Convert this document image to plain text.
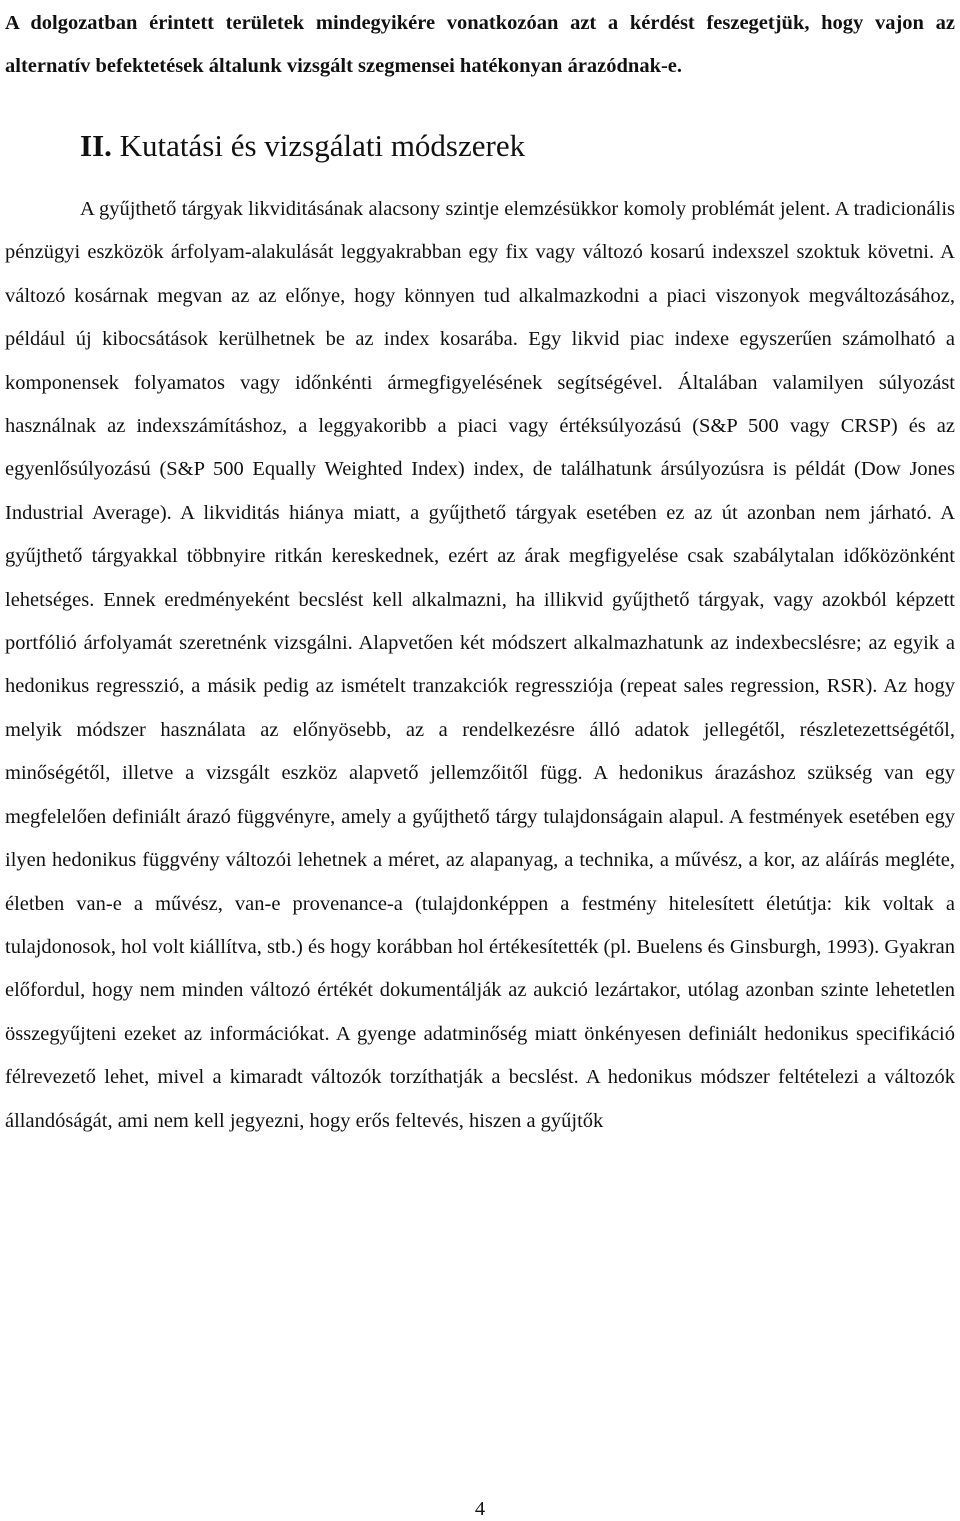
A dolgozatban érintett területek mindegyikére vonatkozóan azt a kérdést feszegetjük, hogy vajon az alternatív befektetések általunk vizsgált szegmensei hatékonyan árazódnak-e.

II. Kutatási és vizsgálati módszerek

A gyűjthető tárgyak likviditásának alacsony szintje elemzésükkor komoly problémát jelent. A tradicionális pénzügyi eszközök árfolyam-alakulását leggyakrabban egy fix vagy változó kosarú indexszel szoktuk követni. A változó kosárnak megvan az az előnye, hogy könnyen tud alkalmazkodni a piaci viszonyok megváltozásához, például új kibocsátások kerülhetnek be az index kosarába. Egy likvid piac indexe egyszerűen számolható a komponensek folyamatos vagy időnkénti ármegfigyelésének segítségével. Általában valamilyen súlyozást használnak az indexszámításhoz, a leggyakoribb a piaci vagy értéksúlyozású (S&P 500 vagy CRSP) és az egyenlősúlyozású (S&P 500 Equally Weighted Index) index, de találhatunk ársúlyozúsra is példát (Dow Jones Industrial Average). A likviditás hiánya miatt, a gyűjthető tárgyak esetében ez az út azonban nem járható. A gyűjthető tárgyakkal többnyire ritkán kereskednek, ezért az árak megfigyelése csak szabálytalan időközönként lehetséges. Ennek eredményeként becslést kell alkalmazni, ha illikvid gyűjthető tárgyak, vagy azokból képzett portfólió árfolyamát szeretnénk vizsgálni. Alapvetően két módszert alkalmazhatunk az indexbecslésre; az egyik a hedonikus regresszió, a másik pedig az ismételt tranzakciók regressziója (repeat sales regression, RSR). Az hogy melyik módszer használata az előnyösebb, az a rendelkezésre álló adatok jellegétől, részletezettségétől, minőségétől, illetve a vizsgált eszköz alapvető jellemzőitől függ. A hedonikus árazáshoz szükség van egy megfelelően definiált árazó függvényre, amely a gyűjthető tárgy tulajdonságain alapul. A festmények esetében egy ilyen hedonikus függvény változói lehetnek a méret, az alapanyag, a technika, a művész, a kor, az aláírás megléte, életben van-e a művész, van-e provenance-a (tulajdonképpen a festmény hitelesített életútja: kik voltak a tulajdonosok, hol volt kiállítva, stb.) és hogy korábban hol értékesítették (pl. Buelens és Ginsburgh, 1993). Gyakran előfordul, hogy nem minden változó értékét dokumentálják az aukció lezártakor, utólag azonban szinte lehetetlen összegyűjteni ezeket az információkat. A gyenge adatminőség miatt önkényesen definiált hedonikus specifikáció félrevezető lehet, mivel a kimaradt változók torzíthatják a becslést. A hedonikus módszer feltételezi a változók állandóságát, ami nem kell jegyezni, hogy erős feltevés, hiszen a gyűjtők

4
